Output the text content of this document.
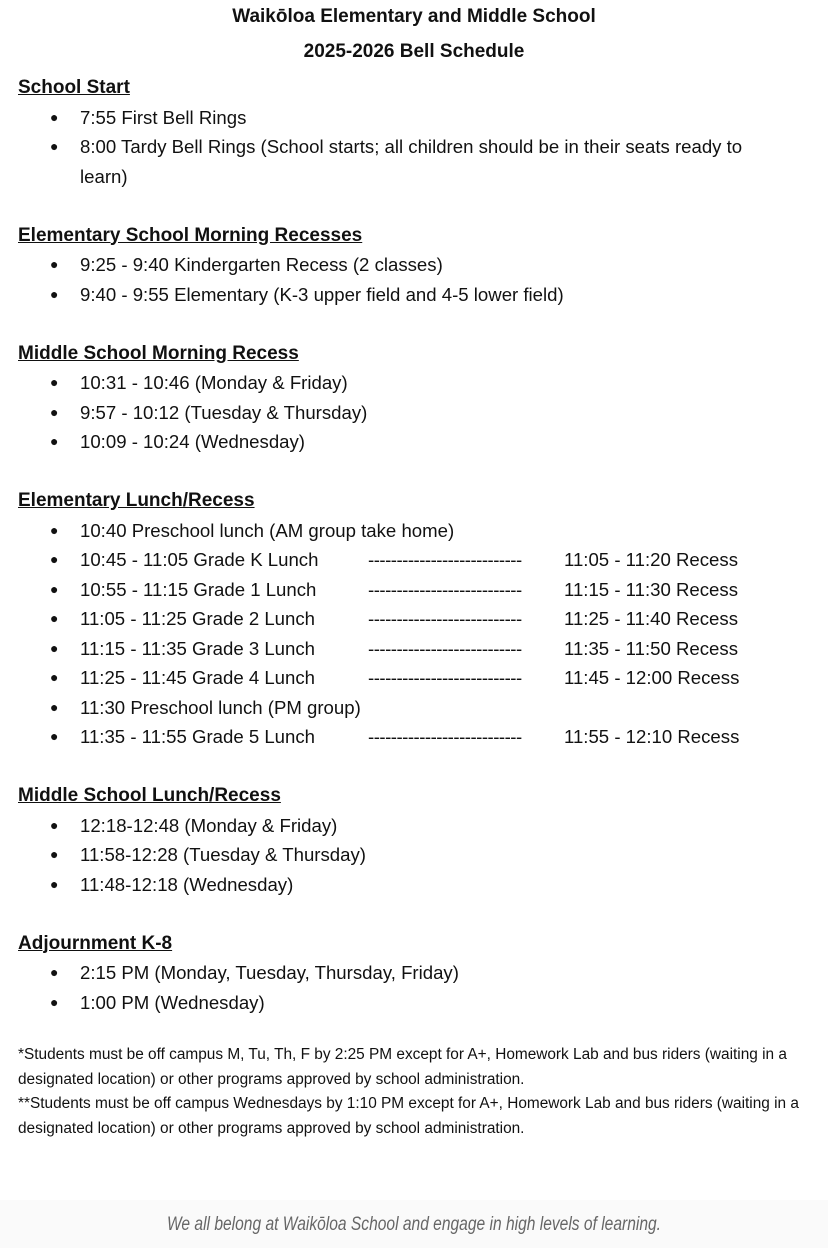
Waikōloa Elementary and Middle School
2025-2026 Bell Schedule
School Start
● 7:55 First Bell Rings
● 8:00 Tardy Bell Rings (School starts; all children should be in their seats ready to learn)
Elementary School Morning Recesses
● 9:25 - 9:40 Kindergarten Recess (2 classes)
● 9:40 - 9:55 Elementary (K-3 upper field and 4-5 lower field)
Middle School Morning Recess
● 10:31 - 10:46 (Monday & Friday)
● 9:57 - 10:12 (Tuesday & Thursday)
● 10:09 - 10:24 (Wednesday)
Elementary Lunch/Recess
● 10:40 Preschool lunch (AM group take home)
● 10:45 - 11:05 Grade K Lunch	---------------------------	11:05 - 11:20 Recess
● 10:55 - 11:15 Grade 1 Lunch	---------------------------	11:15 - 11:30 Recess
● 11:05 - 11:25 Grade 2 Lunch	---------------------------	11:25 - 11:40 Recess
● 11:15 - 11:35 Grade 3 Lunch	---------------------------	11:35 - 11:50 Recess
● 11:25 - 11:45 Grade 4 Lunch	---------------------------	11:45 - 12:00 Recess
● 11:30 Preschool lunch (PM group)
● 11:35 - 11:55 Grade 5 Lunch	---------------------------	11:55 - 12:10 Recess
Middle School Lunch/Recess
● 12:18-12:48 (Monday & Friday)
● 11:58-12:28 (Tuesday & Thursday)
● 11:48-12:18 (Wednesday)
Adjournment K-8
● 2:15 PM (Monday, Tuesday, Thursday, Friday)
● 1:00 PM (Wednesday)
*Students must be off campus M, Tu, Th, F by 2:25 PM except for A+, Homework Lab and bus riders (waiting in a designated location) or other programs approved by school administration.
**Students must be off campus Wednesdays by 1:10 PM except for A+, Homework Lab and bus riders (waiting in a designated location) or other programs approved by school administration.
We all belong at Waikōloa School and engage in high levels of learning.
